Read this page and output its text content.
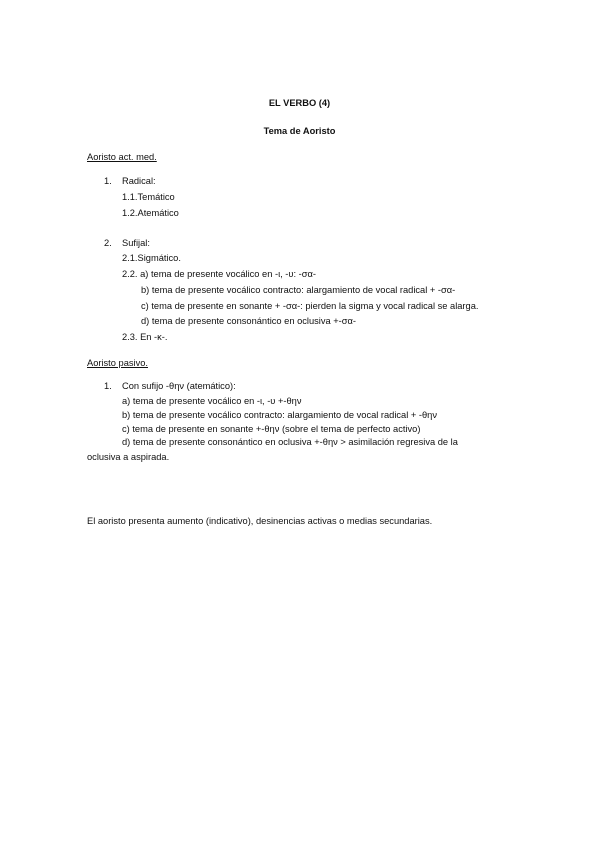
EL VERBO (4)
Tema de Aoristo
Aoristo act. med.
1. Radical:
1.1.Temático
1.2.Atemático
2. Sufijal:
2.1.Sigmático.
2.2. a) tema de presente vocálico en -ι, -υ: -σα-
b) tema de presente vocálico contracto: alargamiento de vocal radical + -σα-
c) tema de presente en sonante + -σα-: pierden la sigma y vocal radical se alarga.
d) tema de presente consonántico en oclusiva +-σα-
2.3. En -κ-.
Aoristo pasivo.
1. Con sufijo -θην (atemático):
a) tema de presente vocálico en -ι, -υ +-θην
b) tema de presente vocálico contracto: alargamiento de vocal radical + -θην
c) tema de presente en sonante +-θην (sobre el tema de perfecto activo)
d) tema de presente consonántico en oclusiva +-θην > asimilación regresiva de la
oclusiva a aspirada.
El aoristo presenta aumento (indicativo), desinencias activas o medias secundarias.
